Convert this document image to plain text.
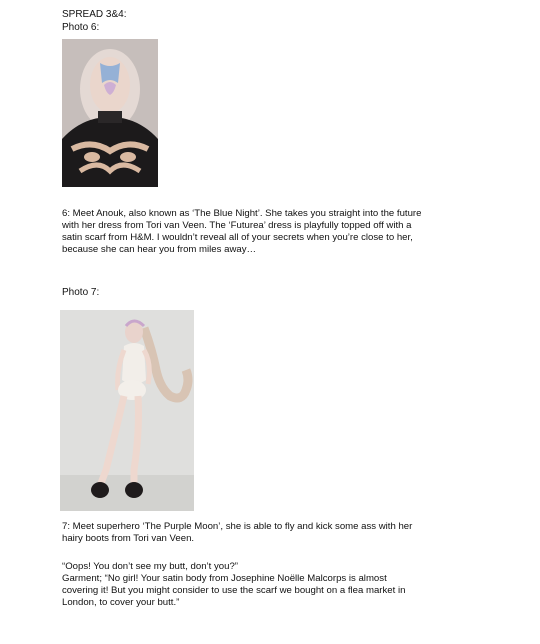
SPREAD 3&4:

Photo 6:

6: Meet Anouk, also known as ‘The Blue Night’. She takes you straight into the future
with her dress from Tori van Veen. The ‘Futurea’ dress is playfully topped off with a
satin scarf from H&M. I wouldn’t reveal all of your secrets when you’re close to her,
because she can hear you from miles away…

Photo 7:

7: Meet superhero ‘The Purple Moon’, she is able to fly and kick some ass with her
hairy boots from Tori van Veen.
“Oops! You don’t see my butt, don’t you?”
Garment; “No girl! Your satin body from Josephine Noëlle Malcorps is almost
covering it! But you might consider to use the scarf we bought on a flea market in
London, to cover your butt.”
